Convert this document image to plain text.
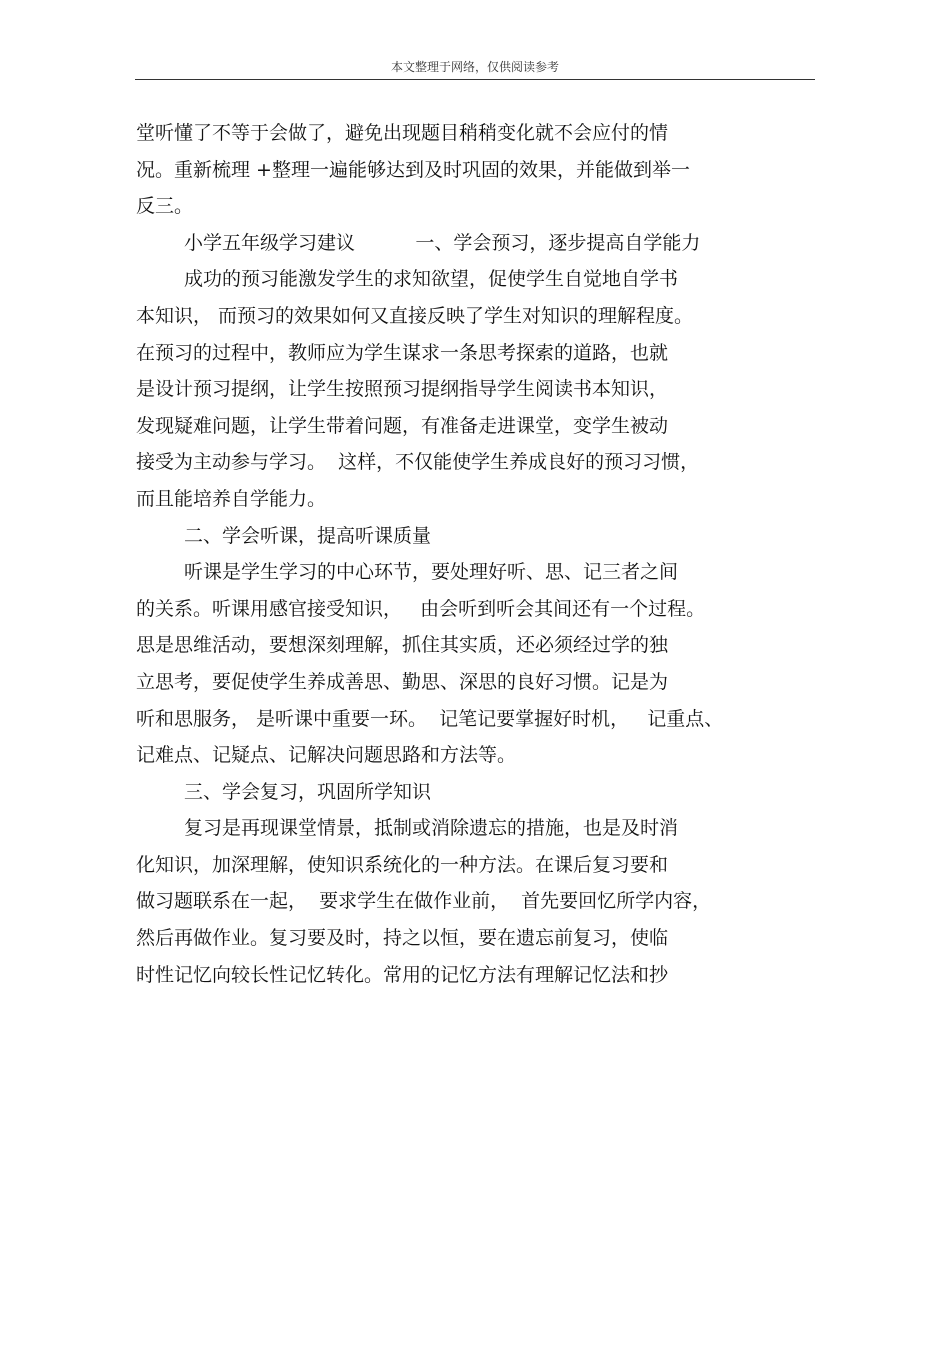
本文整理于网络，仅供阅读参考
堂听懂了不等于会做了，避免出现题目稍稍变化就不会应付的情
况。重新梳理 +整理一遍能够达到及时巩固的效果，并能做到举一
反三。
小学五年级学习建议          一、学会预习，逐步提高自学能力
成功的预习能激发学生的求知欲望，促使学生自觉地自学书
本知识， 而预习的效果如何又直接反映了学生对知识的理解程度。
在预习的过程中，教师应为学生谋求一条思考探索的道路，也就
是设计预习提纲，让学生按照预习提纲指导学生阅读书本知识，
发现疑难问题，让学生带着问题，有准备走进课堂，变学生被动
接受为主动参与学习。  这样，不仅能使学生养成良好的预习习惯，
而且能培养自学能力。
二、学会听课，提高听课质量
听课是学生学习的中心环节，要处理好听、思、记三者之间
的关系。听课用感官接受知识，   由会听到听会其间还有一个过程。
思是思维活动，要想深刻理解，抓住其实质，还必须经过学的独
立思考，要促使学生养成善思、勤思、深思的良好习惯。记是为
听和思服务， 是听课中重要一环。  记笔记要掌握好时机，   记重点、
记难点、记疑点、记解决问题思路和方法等。
三、学会复习，巩固所学知识
复习是再现课堂情景，抵制或消除遗忘的措施，也是及时消
化知识，加深理解，使知识系统化的一种方法。在课后复习要和
做习题联系在一起，  要求学生在做作业前，  首先要回忆所学内容，
然后再做作业。复习要及时，持之以恒，要在遗忘前复习，使临
时性记忆向较长性记忆转化。常用的记忆方法有理解记忆法和抄
